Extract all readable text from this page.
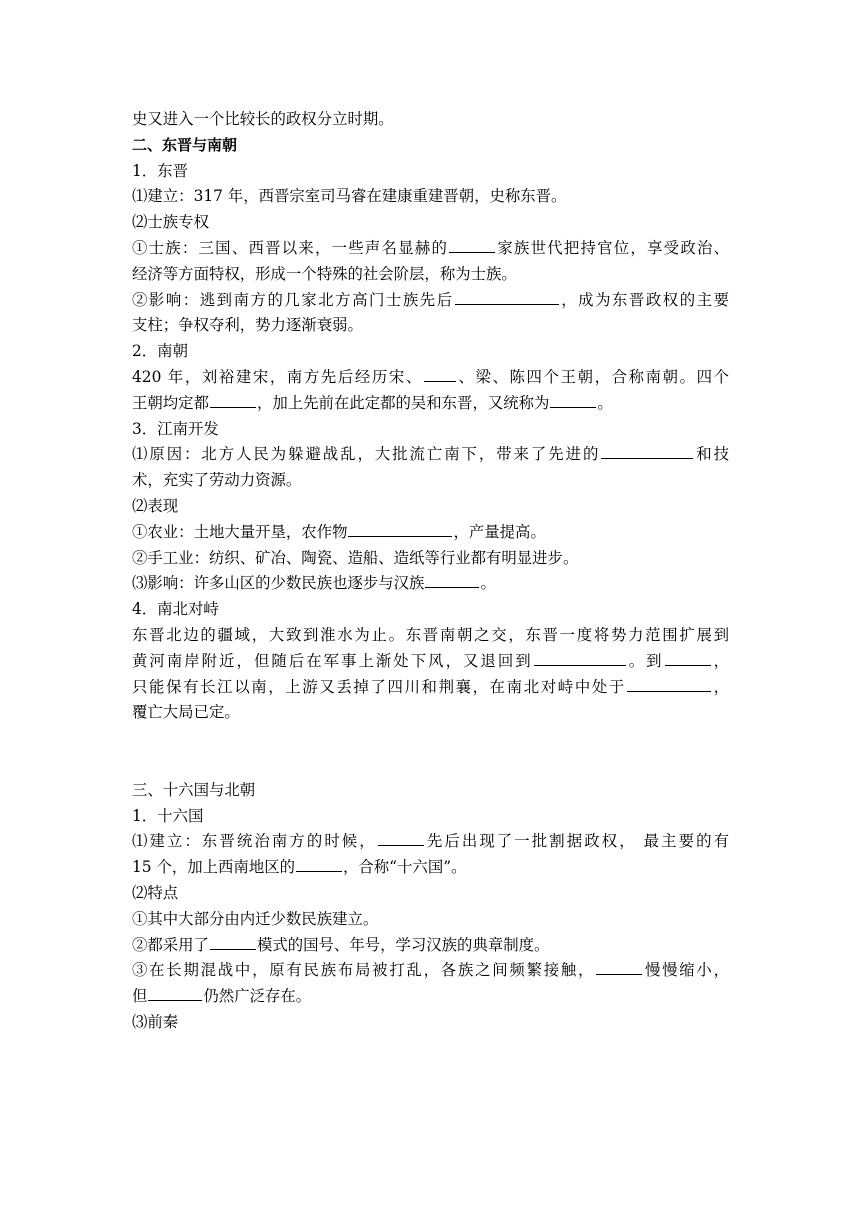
史又进入一个比较长的政权分立时期。
二、东晋与南朝
1．东晋
⑴建立：317 年，西晋宗室司马睿在建康重建晋朝，史称东晋。
⑵士族专权
①士族：三国、西晋以来，一些声名显赫的	家族世代把持官位，享受政治、
经济等方面特权，形成一个特殊的社会阶层，称为士族。
②影响：逃到南方的几家北方高门士族先后	，成为东晋政权的主要
支柱；争权夺利，势力逐渐衰弱。
2．南朝
420 年，刘裕建宋，南方先后经历宋、 、梁、陈四个王朝，合称南朝。四个
王朝均定都	，加上先前在此定都的吴和东晋，又统称为	。
3．江南开发
⑴原因：北方人民为躲避战乱，大批流亡南下，带来了先进的	和技
术，充实了劳动力资源。
⑵表现
①农业：土地大量开垦，农作物	，产量提高。
②手工业：纺织、矿冶、陶瓷、造船、造纸等行业都有明显进步。
⑶影响：许多山区的少数民族也逐步与汉族	。
4．南北对峙
东晋北边的疆域，大致到淮水为止。东晋南朝之交，东晋一度将势力范围扩展到
黄河南岸附近，但随后在军事上渐处下风，又退回到	。到	，
只能保有长江以南，上游又丢掉了四川和荆襄，在南北对峙中处于	，
覆亡大局已定。
三、十六国与北朝
1．十六国
⑴建立：东晋统治南方的时候，	先后出现了一批割据政权， 最主要的有
15 个，加上西南地区的	，合称“十六国”。
⑵特点
①其中大部分由内迁少数民族建立。
②都采用了	模式的国号、年号，学习汉族的典章制度。
③在长期混战中，原有民族布局被打乱，各族之间频繁接触，	慢慢缩小，
但	仍然广泛存在。
⑶前秦
